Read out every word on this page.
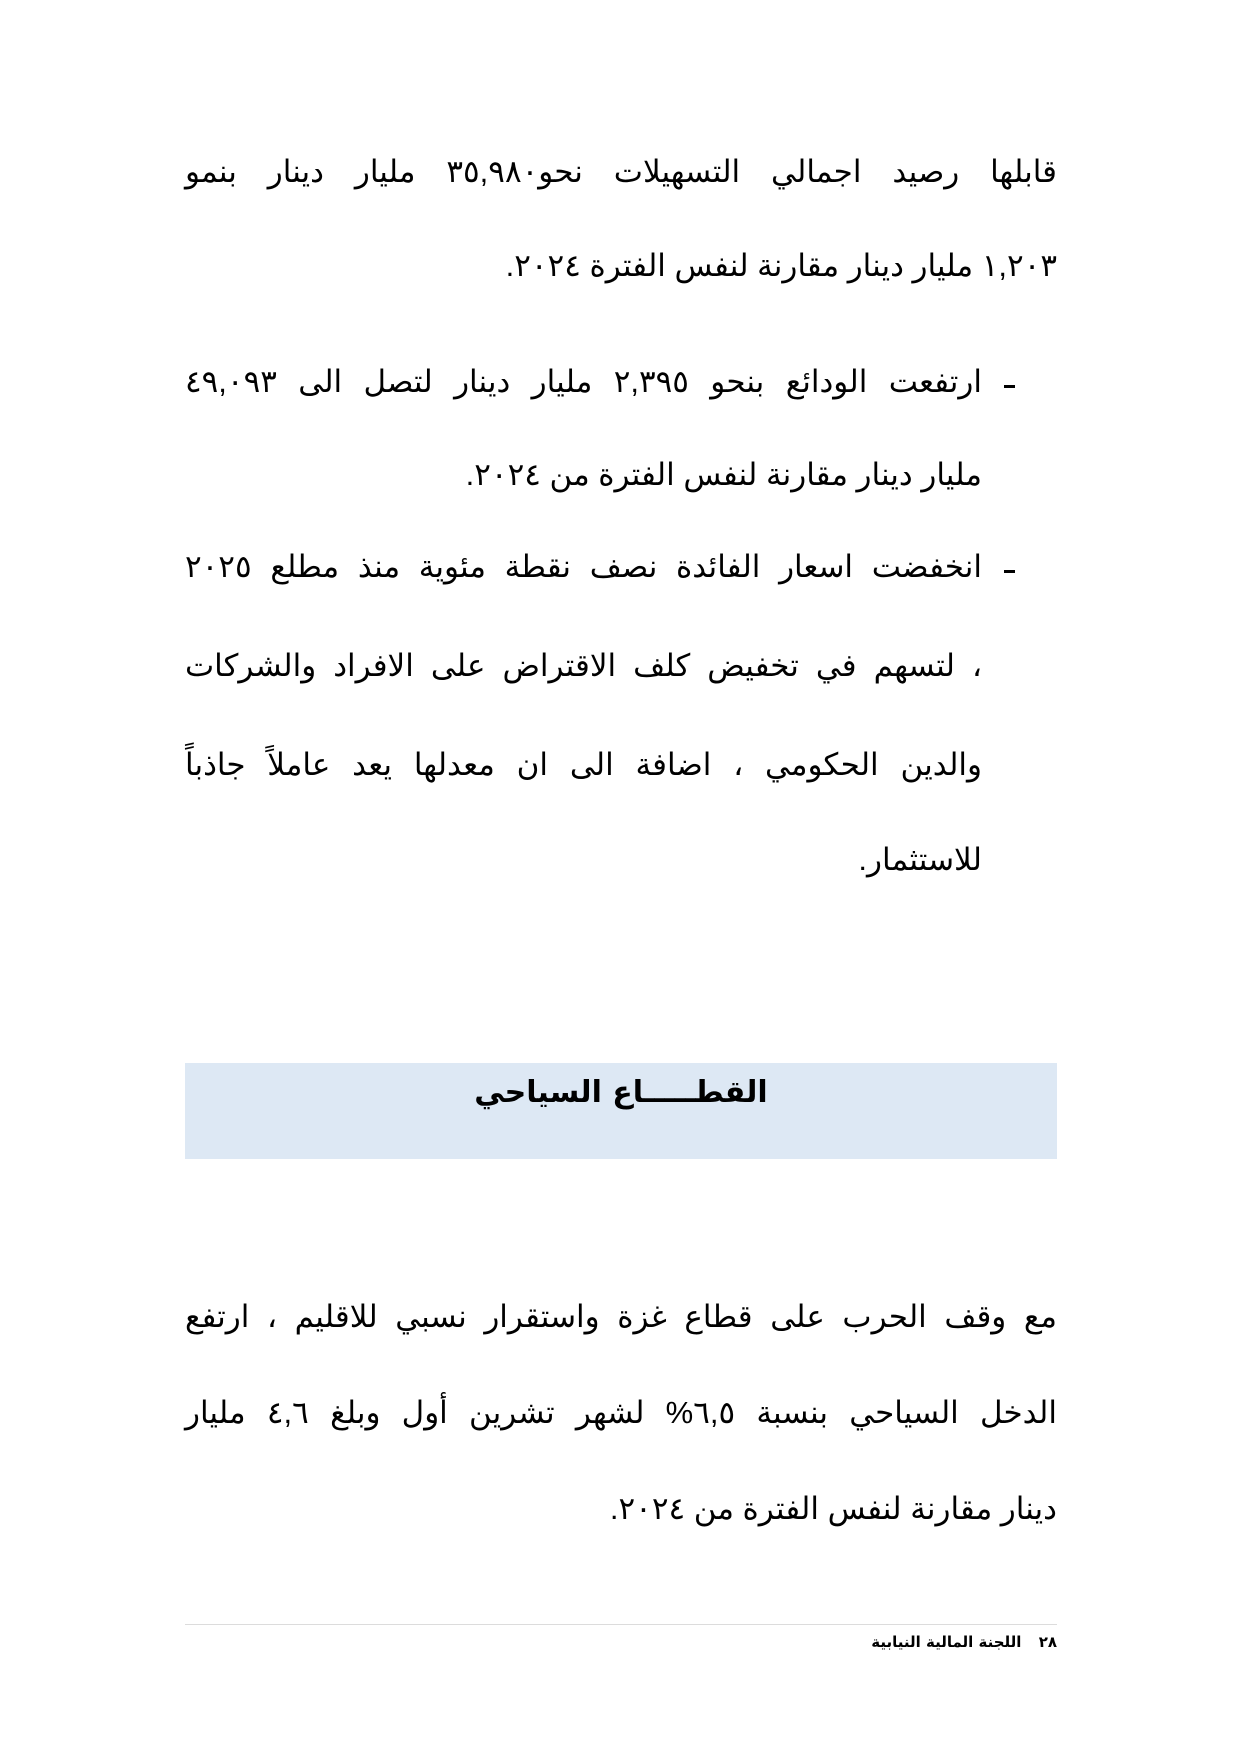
قابلها رصيد اجمالي التسهيلات نحو٣٥,٩٨٠ مليار دينار بنمو
١,٢٠٣ مليار دينار مقارنة لنفس الفترة ٢٠٢٤.
ارتفعت الودائع بنحو ٢,٣٩٥ مليار دينار لتصل الى ٤٩,٠٩٣
مليار دينار مقارنة لنفس الفترة من ٢٠٢٤.
انخفضت اسعار الفائدة نصف نقطة مئوية منذ مطلع ٢٠٢٥
، لتسهم في تخفيض كلف الاقتراض على الافراد والشركات
والدين الحكومي ، اضافة الى ان معدلها يعد عاملاً جاذباً
للاستثمار.
القطـــــاع السياحي
مع وقف الحرب على قطاع غزة واستقرار نسبي للاقليم ، ارتفع
الدخل السياحي بنسبة ٦,٥% لشهر تشرين أول وبلغ ٤,٦ مليار
دينار مقارنة لنفس الفترة من ٢٠٢٤.
٢٨ اللجنة المالية النيابية
